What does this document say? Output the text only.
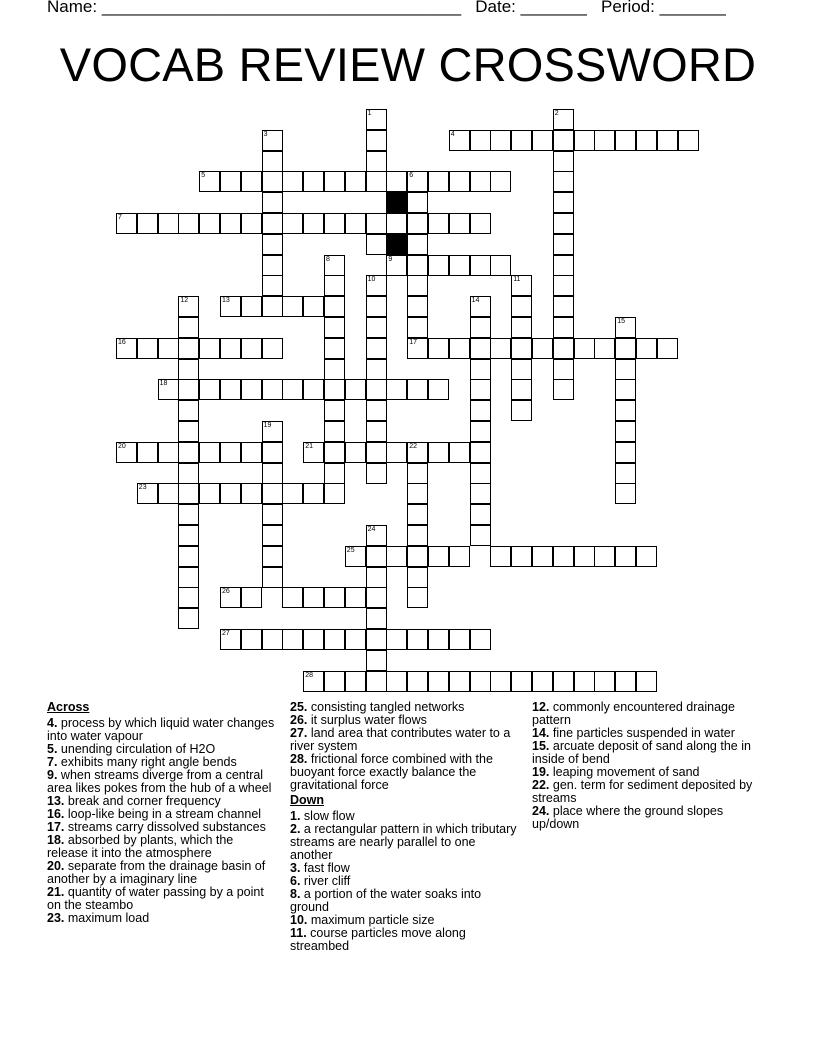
Name: ______________________________________ Date: _______ Period: _______
VOCAB REVIEW CROSSWORD
1	2
3	4
5	6
7
9
8
10	11
12	13	14
15
16	17
18
19
20	21	22
23
24
25
26
27
28
Across
4. process by which liquid water changes into water vapour
5. unending circulation of H2O
7. exhibits many right angle bends
9. when streams diverge from a central area likes pokes from the hub of a wheel
13. break and corner frequency
16. loop-like being in a stream channel
17. streams carry dissolved substances
18. absorbed by plants, which the release it into the atmosphere
20. separate from the drainage basin of another by a imaginary line
21. quantity of water passing by a point on the steambo
23. maximum load
25. consisting tangled networks
26. it surplus water flows
27. land area that contributes water to a river system
28. frictional force combined with the buoyant force exactly balance the gravitational force
Down
1. slow flow
2. a rectangular pattern in which tributary streams are nearly parallel to one another
3. fast flow
6. river cliff
8. a portion of the water soaks into ground
10. maximum particle size
11. course particles move along streambed
12. commonly encountered drainage pattern
14. fine particles suspended in water
15. arcuate deposit of sand along the in inside of bend
19. leaping movement of sand
22. gen. term for sediment deposited by streams
24. place where the ground slopes up/down
